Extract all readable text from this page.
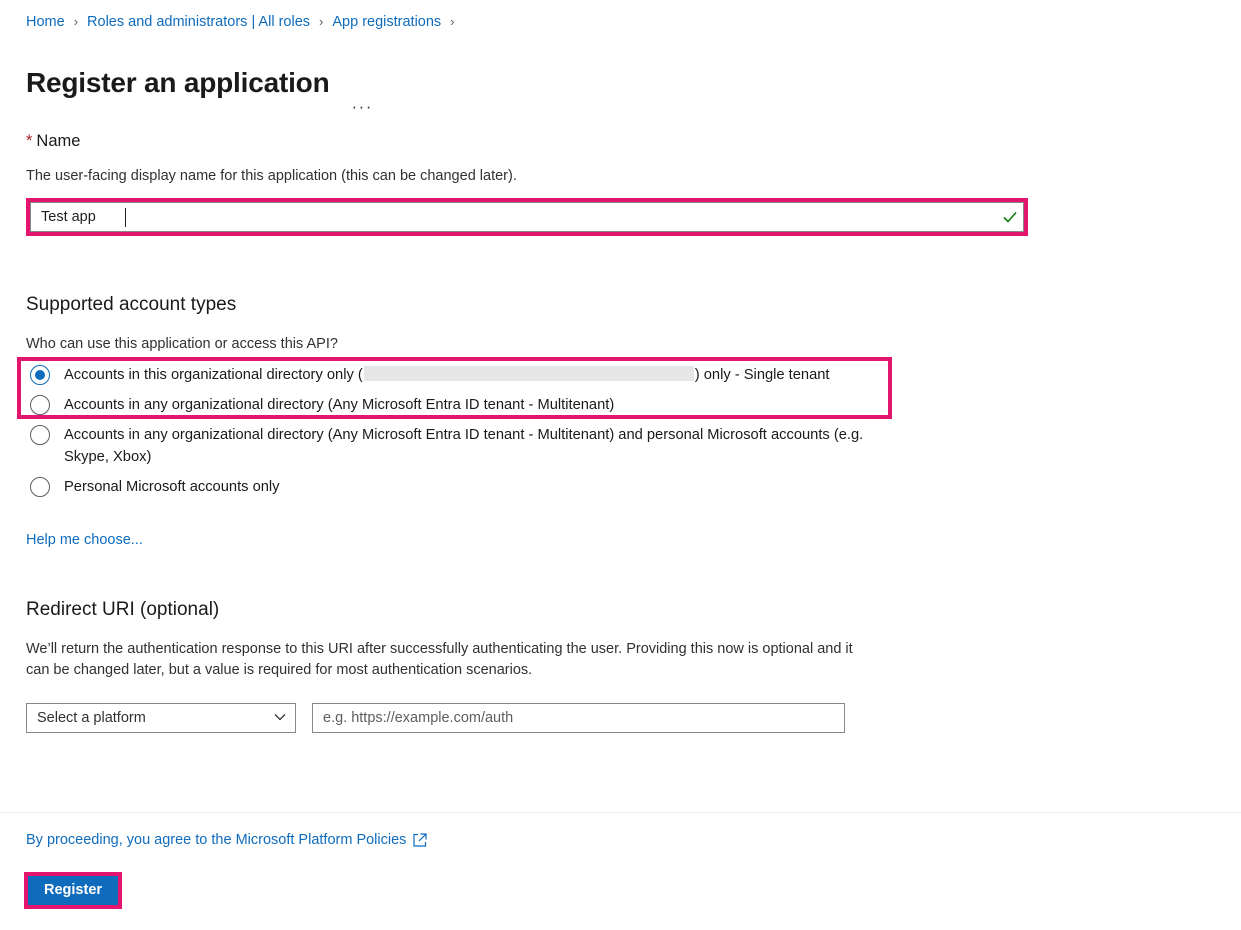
Home › Roles and administrators | All roles › App registrations ›
Register an application
···
* Name
The user-facing display name for this application (this can be changed later).
Test app
Supported account types
Who can use this application or access this API?
Accounts in this organizational directory only (	) only - Single tenant
Accounts in any organizational directory (Any Microsoft Entra ID tenant - Multitenant)
Accounts in any organizational directory (Any Microsoft Entra ID tenant - Multitenant) and personal Microsoft accounts (e.g. Skype, Xbox)
Personal Microsoft accounts only
Help me choose...
Redirect URI (optional)
We’ll return the authentication response to this URI after successfully authenticating the user. Providing this now is optional and it can be changed later, but a value is required for most authentication scenarios.
Select a platform
e.g. https://example.com/auth
By proceeding, you agree to the Microsoft Platform Policies
Register
